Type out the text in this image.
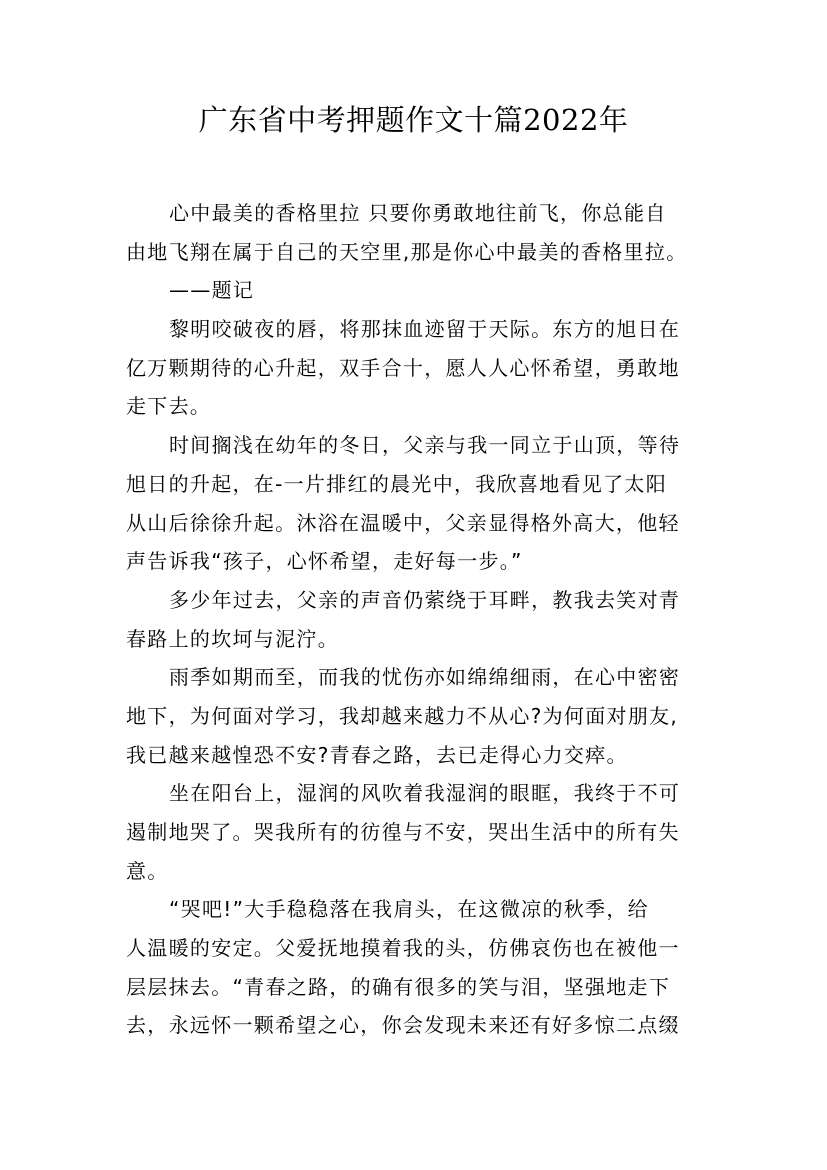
广东省中考押题作文十篇2022年
心中最美的香格里拉 只要你勇敢地往前飞，你总能自
由地飞翔在属于自己的天空里,那是你心中最美的香格里拉。
——题记
黎明咬破夜的唇，将那抹血迹留于天际。东方的旭日在
亿万颗期待的心升起，双手合十，愿人人心怀希望，勇敢地
走下去。
时间搁浅在幼年的冬日，父亲与我一同立于山顶，等待
旭日的升起，在-一片排红的晨光中，我欣喜地看见了太阳
从山后徐徐升起。沐浴在温暖中，父亲显得格外高大，他轻
声告诉我“孩子，心怀希望，走好每一步。”
多少年过去，父亲的声音仍萦绕于耳畔，教我去笑对青
春路上的坎坷与泥泞。
雨季如期而至，而我的忧伤亦如绵绵细雨，在心中密密
地下，为何面对学习，我却越来越力不从心?为何面对朋友,
我已越来越惶恐不安?青春之路，去已走得心力交瘁。
坐在阳台上，湿润的风吹着我湿润的眼眶，我终于不可
遏制地哭了。哭我所有的彷徨与不安，哭出生活中的所有失
意。
“哭吧!”大手稳稳落在我肩头，在这微凉的秋季，给
人温暖的安定。父爱抚地摸着我的头，仿佛哀伤也在被他一
层层抹去。“青春之路，的确有很多的笑与泪，坚强地走下
去，永远怀一颗希望之心，你会发现未来还有好多惊二点缀
